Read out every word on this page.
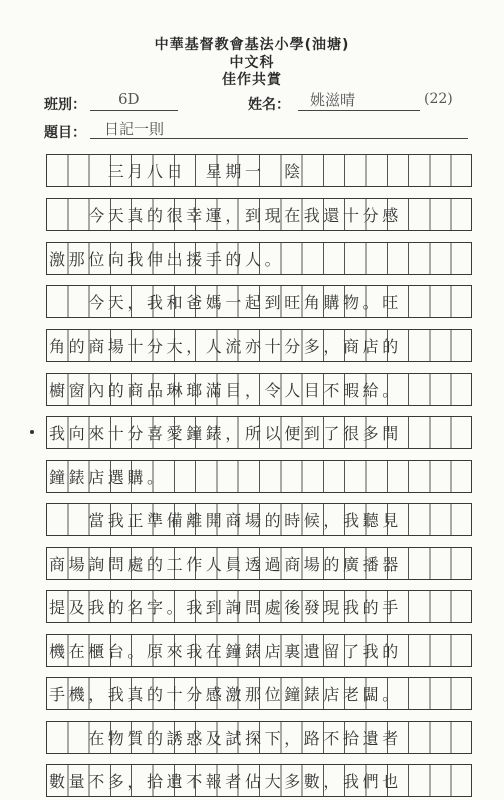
中華基督教會基法小學(油塘)
中文科
佳作共賞
班別： 6D	姓名： 姚滋晴	(22)
題目： 日記一則
　　　三月八日　星期一　陰
　　今天真的很幸運，到現在我還十分感
激那位向我伸出援手的人。
　　今天，我和爸媽一起到旺角購物。旺
角的商場十分大，人流亦十分多，商店的
櫥窗內的商品琳瑯滿目，令人目不暇給。
我向來十分喜愛鐘錶，所以便到了很多間
鐘錶店選購。
　　當我正準備離開商場的時候，我聽見
商場詢問處的工作人員透過商場的廣播器
提及我的名字。我到詢問處後發現我的手
機在櫃台。原來我在鐘錶店裏遺留了我的
手機，我真的十分感激那位鐘錶店老闆。
　　在物質的誘惑及試探下，路不拾遺者
數量不多，拾遺不報者佔大多數，我們也
